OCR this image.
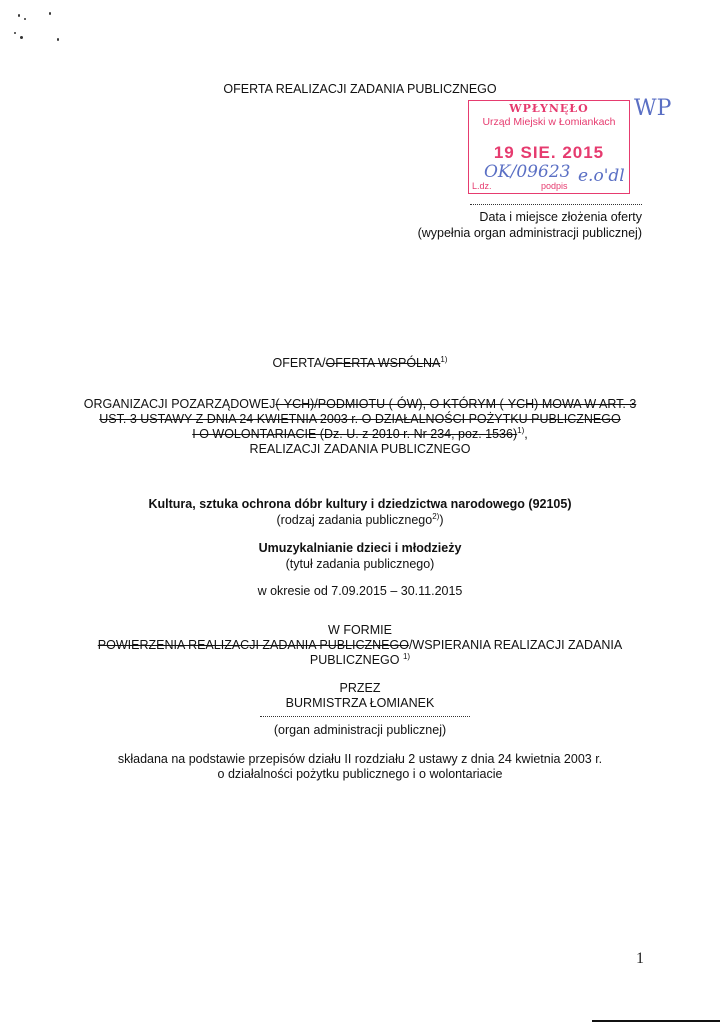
OFERTA REALIZACJI ZADANIA PUBLICZNEGO
WPŁYNĘŁO
Urząd Miejski w Łomiankach
19 SIE. 2015
L.dz.	podpis
OK/09623 e.o'dl
WP
Data i miejsce złożenia oferty
(wypełnia organ administracji publicznej)
OFERTA/OFERTA WSPÓLNA$^{1)}$
ORGANIZACJI POZARZĄDOWEJ(-YCH)/PODMIOTU (-ÓW), O KTÓRYM (-YCH) MOWA W ART. 3
UST. 3 USTAWY Z DNIA 24 KWIETNIA 2003 r. O DZIAŁALNOŚCI POŻYTKU PUBLICZNEGO
I O WOLONTARIACIE (Dz. U. z 2010 r. Nr 234, poz. 1536)$^{1)}$,
REALIZACJI ZADANIA PUBLICZNEGO
Kultura, sztuka ochrona dóbr kultury i dziedzictwa narodowego (92105)
(rodzaj zadania publicznego$^{2)}$)
Umuzykalnianie dzieci i młodzieży
(tytuł zadania publicznego)
w okresie od 7.09.2015 – 30.11.2015
W FORMIE
POWIERZENIA REALIZACJI ZADANIA PUBLICZNEGO/WSPIERANIA REALIZACJI ZADANIA
PUBLICZNEGO $^{1)}$
PRZEZ
BURMISTRZA ŁOMIANEK
(organ administracji publicznej)
składana na podstawie przepisów działu II rozdziału 2 ustawy z dnia 24 kwietnia 2003 r.
o działalności pożytku publicznego i o wolontariacie
1
